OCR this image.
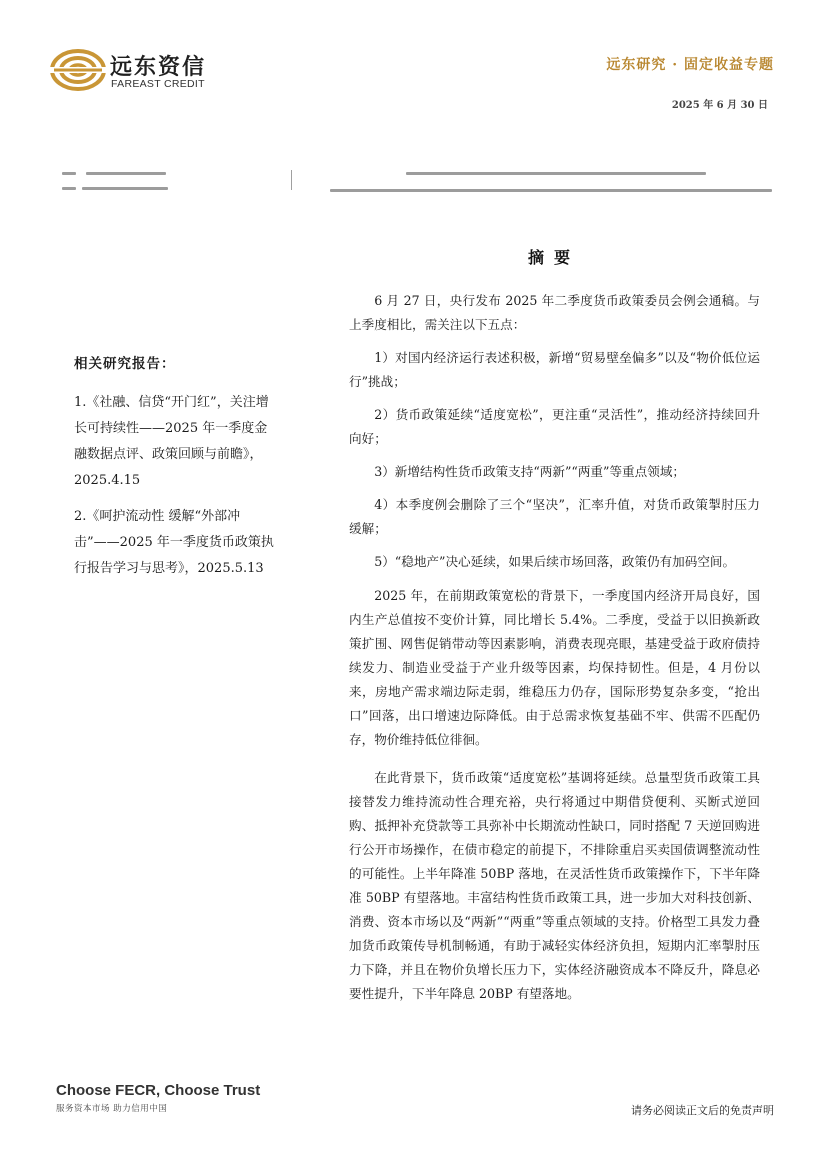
远东资信
FAREAST CREDIT
远东研究 · 固定收益专题
2025 年 6 月 30 日
摘要
相关研究报告：
1.《社融、信贷“开门红”，关注增长可持续性——2025 年一季度金融数据点评、政策回顾与前瞻》，2025.4.15
2.《呵护流动性 缓解“外部冲击”——2025 年一季度货币政策执行报告学习与思考》，2025.5.13

6 月 27 日，央行发布 2025 年二季度货币政策委员会例会通稿。与上季度相比，需关注以下五点：

1）对国内经济运行表述积极，新增“贸易壁垒偏多”以及“物价低位运行”挑战；

2）货币政策延续“适度宽松”，更注重“灵活性”，推动经济持续回升向好；

3）新增结构性货币政策支持“两新”“两重”等重点领域；

4）本季度例会删除了三个“坚决”，汇率升值，对货币政策掣肘压力缓解；

5）“稳地产”决心延续，如果后续市场回落，政策仍有加码空间。

2025 年，在前期政策宽松的背景下，一季度国内经济开局良好，国内生产总值按不变价计算，同比增长 5.4%。二季度，受益于以旧换新政策扩围、网售促销带动等因素影响，消费表现亮眼，基建受益于政府债持续发力、制造业受益于产业升级等因素，均保持韧性。但是，4 月份以来，房地产需求端边际走弱，维稳压力仍存，国际形势复杂多变，“抢出口”回落，出口增速边际降低。由于总需求恢复基础不牢、供需不匹配仍存，物价维持低位徘徊。

在此背景下，货币政策“适度宽松”基调将延续。总量型货币政策工具接替发力维持流动性合理充裕，央行将通过中期借贷便利、买断式逆回购、抵押补充贷款等工具弥补中长期流动性缺口，同时搭配 7 天逆回购进行公开市场操作，在债市稳定的前提下，不排除重启买卖国债调整流动性的可能性。上半年降准 50BP 落地，在灵活性货币政策操作下，下半年降准 50BP 有望落地。丰富结构性货币政策工具，进一步加大对科技创新、消费、资本市场以及“两新”“两重”等重点领域的支持。价格型工具发力叠加货币政策传导机制畅通，有助于减轻实体经济负担，短期内汇率掣肘压力下降，并且在物价负增长压力下，实体经济融资成本不降反升，降息必要性提升，下半年降息 20BP 有望落地。

Choose FECR, Choose Trust
服务资本市场 助力信用中国	请务必阅读正文后的免责声明
